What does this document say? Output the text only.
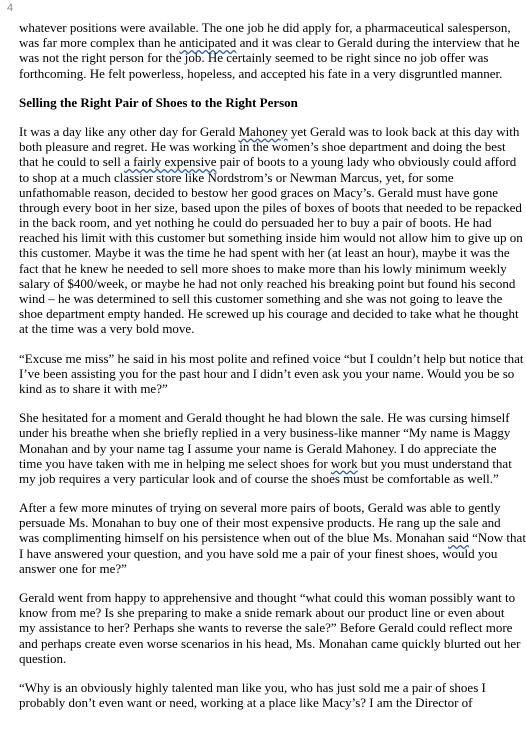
4
whatever positions were available. The one job he did apply for, a pharmaceutical salesperson,
was far more complex than he anticipated and it was clear to Gerald during the interview that he
was not the right person for the job. He certainly seemed to be right since no job offer was
forthcoming. He felt powerless, hopeless, and accepted his fate in a very disgruntled manner.
Selling the Right Pair of Shoes to the Right Person
It was a day like any other day for Gerald Mahoney yet Gerald was to look back at this day with
both pleasure and regret. He was working in the women’s shoe department and doing the best
that he could to sell a fairly expensive pair of boots to a young lady who obviously could afford
to shop at a much classier store like Nordstrom’s or Newman Marcus, yet, for some
unfathomable reason, decided to bestow her good graces on Macy’s. Gerald must have gone
through every boot in her size, based upon the piles of boxes of boots that needed to be repacked
in the back room, and yet nothing he could do persuaded her to buy a pair of boots. He had
reached his limit with this customer but something inside him would not allow him to give up on
this customer. Maybe it was the time he had spent with her (at least an hour), maybe it was the
fact that he knew he needed to sell more shoes to make more than his lowly minimum weekly
salary of $400/week, or maybe he had not only reached his breaking point but found his second
wind – he was determined to sell this customer something and she was not going to leave the
shoe department empty handed. He screwed up his courage and decided to take what he thought
at the time was a very bold move.
“Excuse me miss” he said in his most polite and refined voice “but I couldn’t help but notice that
I’ve been assisting you for the past hour and I didn’t even ask you your name. Would you be so
kind as to share it with me?”
She hesitated for a moment and Gerald thought he had blown the sale. He was cursing himself
under his breathe when she briefly replied in a very business-like manner “My name is Maggy
Monahan and by your name tag I assume your name is Gerald Mahoney. I do appreciate the
time you have taken with me in helping me select shoes for work but you must understand that
my job requires a very particular look and of course the shoes must be comfortable as well.”
After a few more minutes of trying on several more pairs of boots, Gerald was able to gently
persuade Ms. Monahan to buy one of their most expensive products. He rang up the sale and
was complimenting himself on his persistence when out of the blue Ms. Monahan said “Now that
I have answered your question, and you have sold me a pair of your finest shoes, would you
answer one for me?”
Gerald went from happy to apprehensive and thought “what could this woman possibly want to
know from me? Is she preparing to make a snide remark about our product line or even about
my assistance to her? Perhaps she wants to reverse the sale?” Before Gerald could reflect more
and perhaps create even worse scenarios in his head, Ms. Monahan came quickly blurted out her
question.
“Why is an obviously highly talented man like you, who has just sold me a pair of shoes I
probably don’t even want or need, working at a place like Macy’s? I am the Director of
